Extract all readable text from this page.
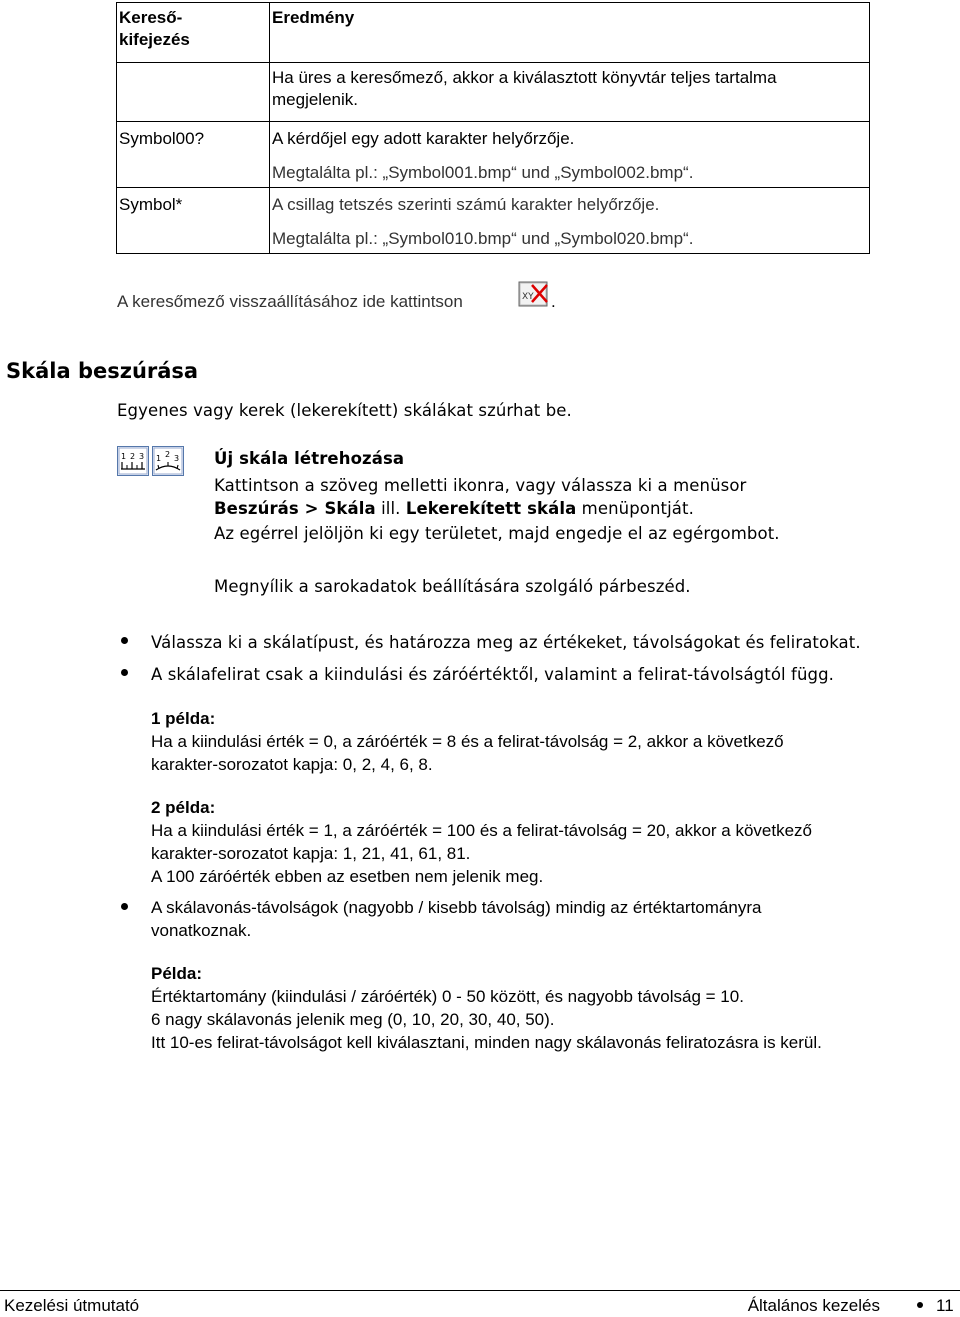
Kereső-
kifejezés	Eredmény

	Ha üres a keresőmező, akkor a kiválasztott könyvtár teljes tartalma
megjelenik.

Symbol00?	A kérdőjel egy adott karakter helyőrzője.
Megtalálta pl.: „Symbol001.bmp“ und „Symbol002.bmp“.

Symbol*	A csillag tetszés szerinti számú karakter helyőrzője.
Megtalálta pl.: „Symbol010.bmp“ und „Symbol020.bmp“.
A keresőmező visszaállításához ide kattintson	XY .
Skála beszúrása
Egyenes vagy kerek (lekerekített) skálákat szúrhat be.
1 2 3 1 2 3 Új skála létrehozása
Kattintson a szöveg melletti ikonra, vagy válassza ki a menüsor
Beszúrás > Skála ill. Lekerekített skála menüpontját.
Az egérrel jelöljön ki egy területet, majd engedje el az egérgombot.
Megnyílik a sarokadatok beállítására szolgáló párbeszéd.
Válassza ki a skálatípust, és határozza meg az értékeket, távolságokat és feliratokat.
A skálafelirat csak a kiindulási és záróértéktől, valamint a felirat-távolságtól függ.
1 példa:
Ha a kiindulási érték = 0, a záróérték = 8 és a felirat-távolság = 2, akkor a következő
karakter-sorozatot kapja: 0, 2, 4, 6, 8.
2 példa:
Ha a kiindulási érték = 1, a záróérték = 100 és a felirat-távolság = 20, akkor a következő
karakter-sorozatot kapja: 1, 21, 41, 61, 81.
A 100 záróérték ebben az esetben nem jelenik meg.
A skálavonás-távolságok (nagyobb / kisebb távolság) mindig az értéktartományra
vonatkoznak.
Példa:
Értéktartomány (kiindulási / záróérték) 0 - 50 között, és nagyobb távolság = 10.
6 nagy skálavonás jelenik meg (0, 10, 20, 30, 40, 50).
Itt 10-es felirat-távolságot kell kiválasztani, minden nagy skálavonás feliratozásra is kerül.
Kezelési útmutató	Általános kezelés	11
